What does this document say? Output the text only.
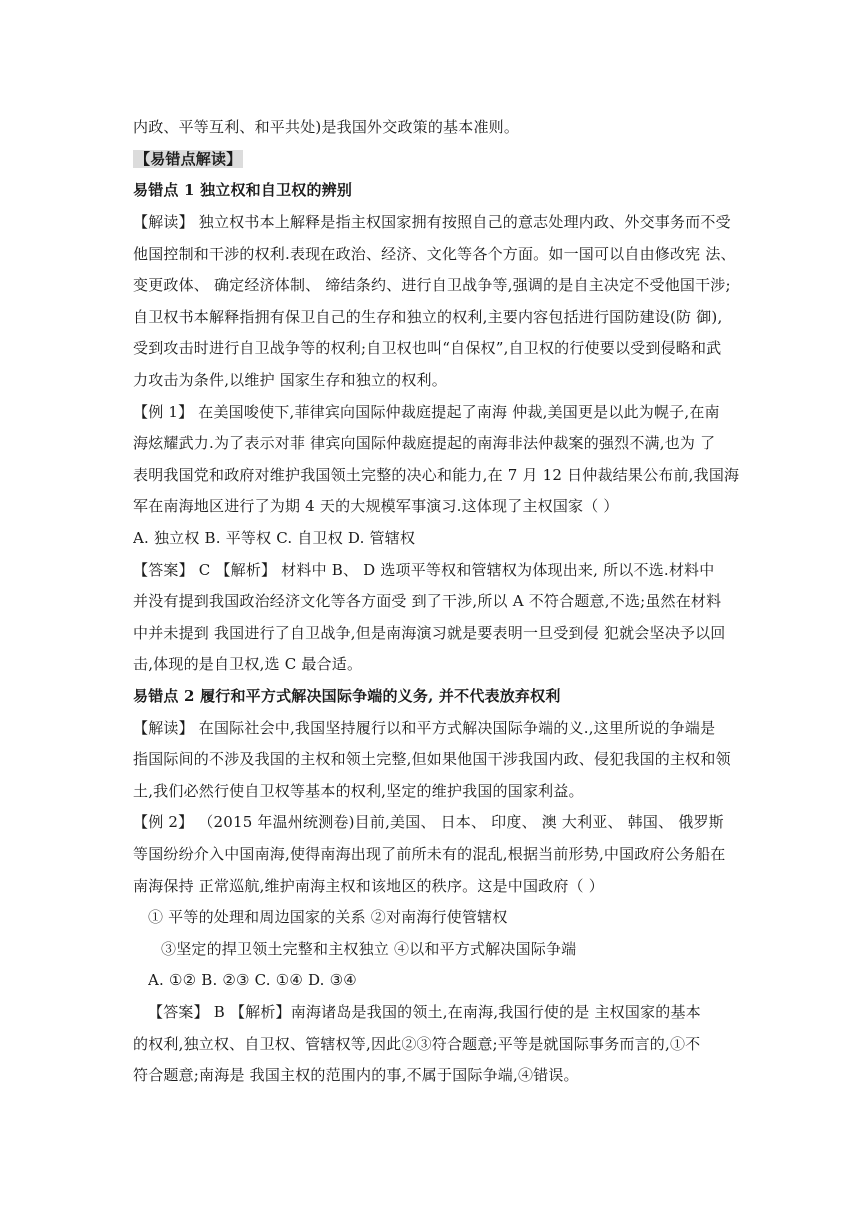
内政、平等互利、和平共处)是我国外交政策的基本准则。
【易错点解读】
易错点 1 独立权和自卫权的辨别
【解读】 独立权书本上解释是指主权国家拥有按照自己的意志处理内政、外交事务而不受
他国控制和干涉的权利.表现在政治、经济、文化等各个方面。如一国可以自由修改宪 法、
变更政体、 确定经济体制、 缔结条约、进行自卫战争等,强调的是自主决定不受他国干涉;
自卫权书本解释指拥有保卫自己的生存和独立的权利,主要内容包括进行国防建设(防 御),
受到攻击时进行自卫战争等的权利;自卫权也叫“自保权”,自卫权的行使要以受到侵略和武
力攻击为条件,以维护 国家生存和独立的权利。
【例 1】 在美国唆使下,菲律宾向国际仲裁庭提起了南海 仲裁,美国更是以此为幌子,在南
海炫耀武力.为了表示对菲 律宾向国际仲裁庭提起的南海非法仲裁案的强烈不满,也为 了
表明我国党和政府对维护我国领土完整的决心和能力,在 7 月 12 日仲裁结果公布前,我国海
军在南海地区进行了为期 4 天的大规模军事演习.这体现了主权国家（ ）
A. 独立权 B. 平等权 C. 自卫权 D. 管辖权
【答案】 C 【解析】 材料中 B、 D 选项平等权和管辖权为体现出来, 所以不选.材料中
并没有提到我国政治经济文化等各方面受 到了干涉,所以 A 不符合题意,不选;虽然在材料
中并未提到 我国进行了自卫战争,但是南海演习就是要表明一旦受到侵 犯就会坚决予以回
击,体现的是自卫权,选 C 最合适。
易错点 2 履行和平方式解决国际争端的义务, 并不代表放弃权利
【解读】 在国际社会中,我国坚持履行以和平方式解决国际争端的义.,这里所说的争端是
指国际间的不涉及我国的主权和领土完整,但如果他国干涉我国内政、侵犯我国的主权和领
土,我们必然行使自卫权等基本的权利,坚定的维护我国的国家利益。
【例 2】 （2015 年温州统测卷)目前,美国、 日本、 印度、 澳 大利亚、 韩国、 俄罗斯
等国纷纷介入中国南海,使得南海出现了前所未有的混乱,根据当前形势,中国政府公务船在
南海保持 正常巡航,维护南海主权和该地区的秩序。这是中国政府（ ）
① 平等的处理和周边国家的关系 ②对南海行使管辖权
③坚定的捍卫领土完整和主权独立 ④以和平方式解决国际争端
A. ①② B. ②③ C. ①④ D. ③④
【答案】 B 【解析】南海诸岛是我国的领土,在南海,我国行使的是 主权国家的基本
的权利,独立权、自卫权、管辖权等,因此②③符合题意;平等是就国际事务而言的,①不
符合题意;南海是 我国主权的范围内的事,不属于国际争端,④错误。
